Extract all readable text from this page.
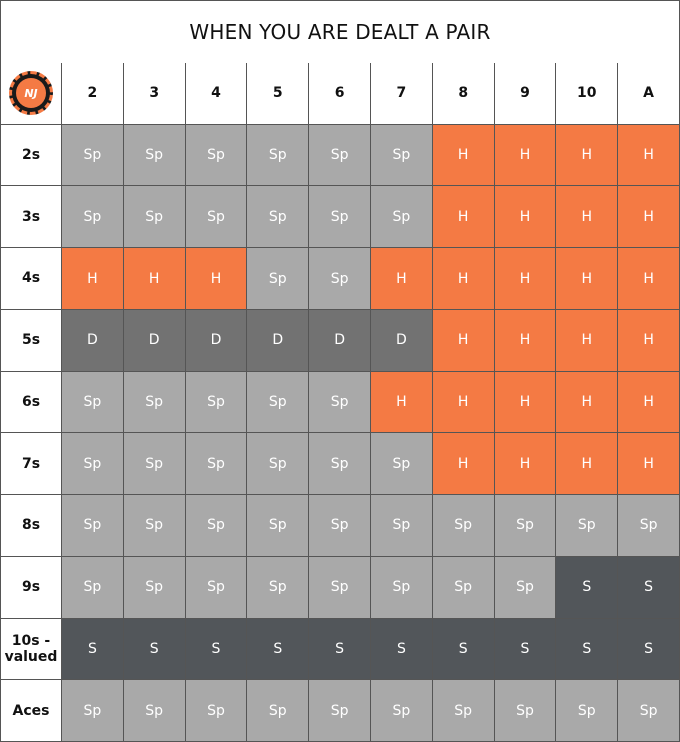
WHEN YOU ARE DEALT A PAIR
NJ	2	3	4	5	6	7	8	9	10	A
2s	Sp	Sp	Sp	Sp	Sp	Sp	H	H	H	H
3s	Sp	Sp	Sp	Sp	Sp	Sp	H	H	H	H
4s	H	H	H	Sp	Sp	H	H	H	H	H
5s	D	D	D	D	D	D	H	H	H	H
6s	Sp	Sp	Sp	Sp	Sp	H	H	H	H	H
7s	Sp	Sp	Sp	Sp	Sp	Sp	H	H	H	H
8s	Sp	Sp	Sp	Sp	Sp	Sp	Sp	Sp	Sp	Sp
9s	Sp	Sp	Sp	Sp	Sp	Sp	Sp	Sp	S	S
10s -
valued	S	S	S	S	S	S	S	S	S	S
Aces	Sp	Sp	Sp	Sp	Sp	Sp	Sp	Sp	Sp	Sp
